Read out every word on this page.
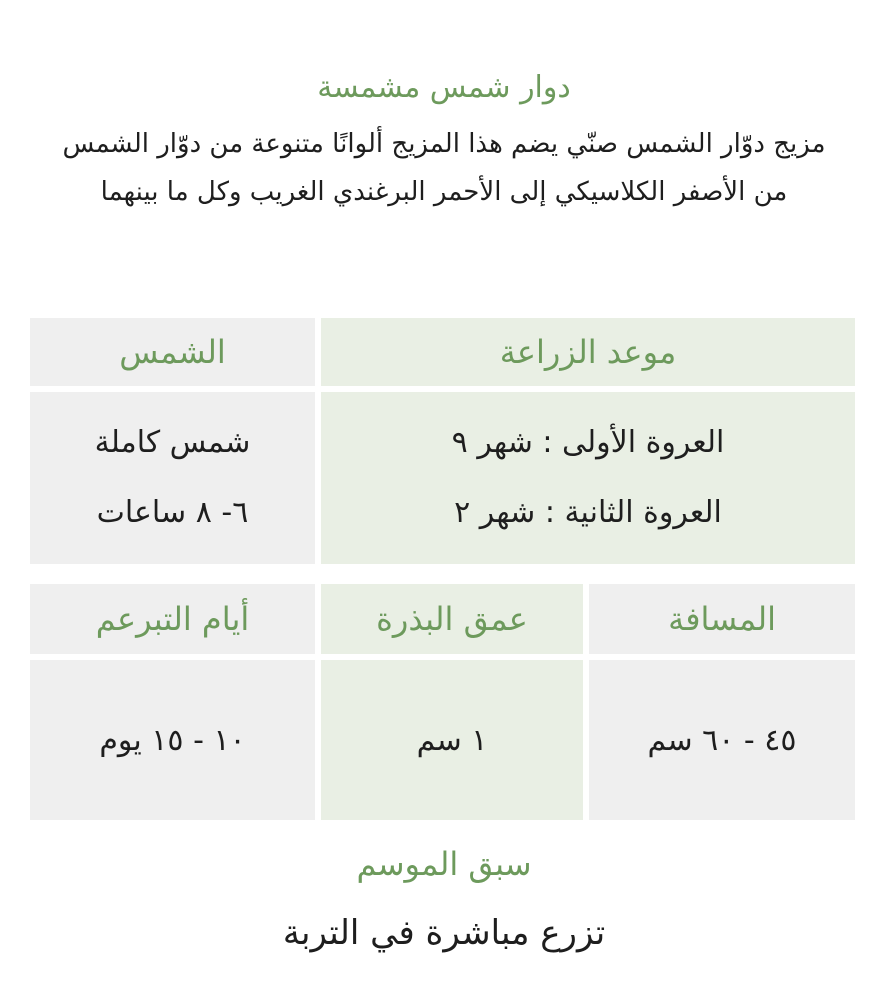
دوار شمس مشمسة
مزيج دوّار الشمس صنّي يضم هذا المزيج ألوانًا متنوعة من دوّار الشمس
من الأصفر الكلاسيكي إلى الأحمر البرغندي الغريب وكل ما بينهما
موعد الزراعة
الشمس
العروة الأولى : شهر ٩
العروة الثانية : شهر ٢
شمس كاملة
٦- ٨ ساعات
المسافة
عمق البذرة
أيام التبرعم
٤٥ - ٦٠ سم
١ سم
١٠ - ١٥ يوم
سبق الموسم
تزرع مباشرة في التربة
